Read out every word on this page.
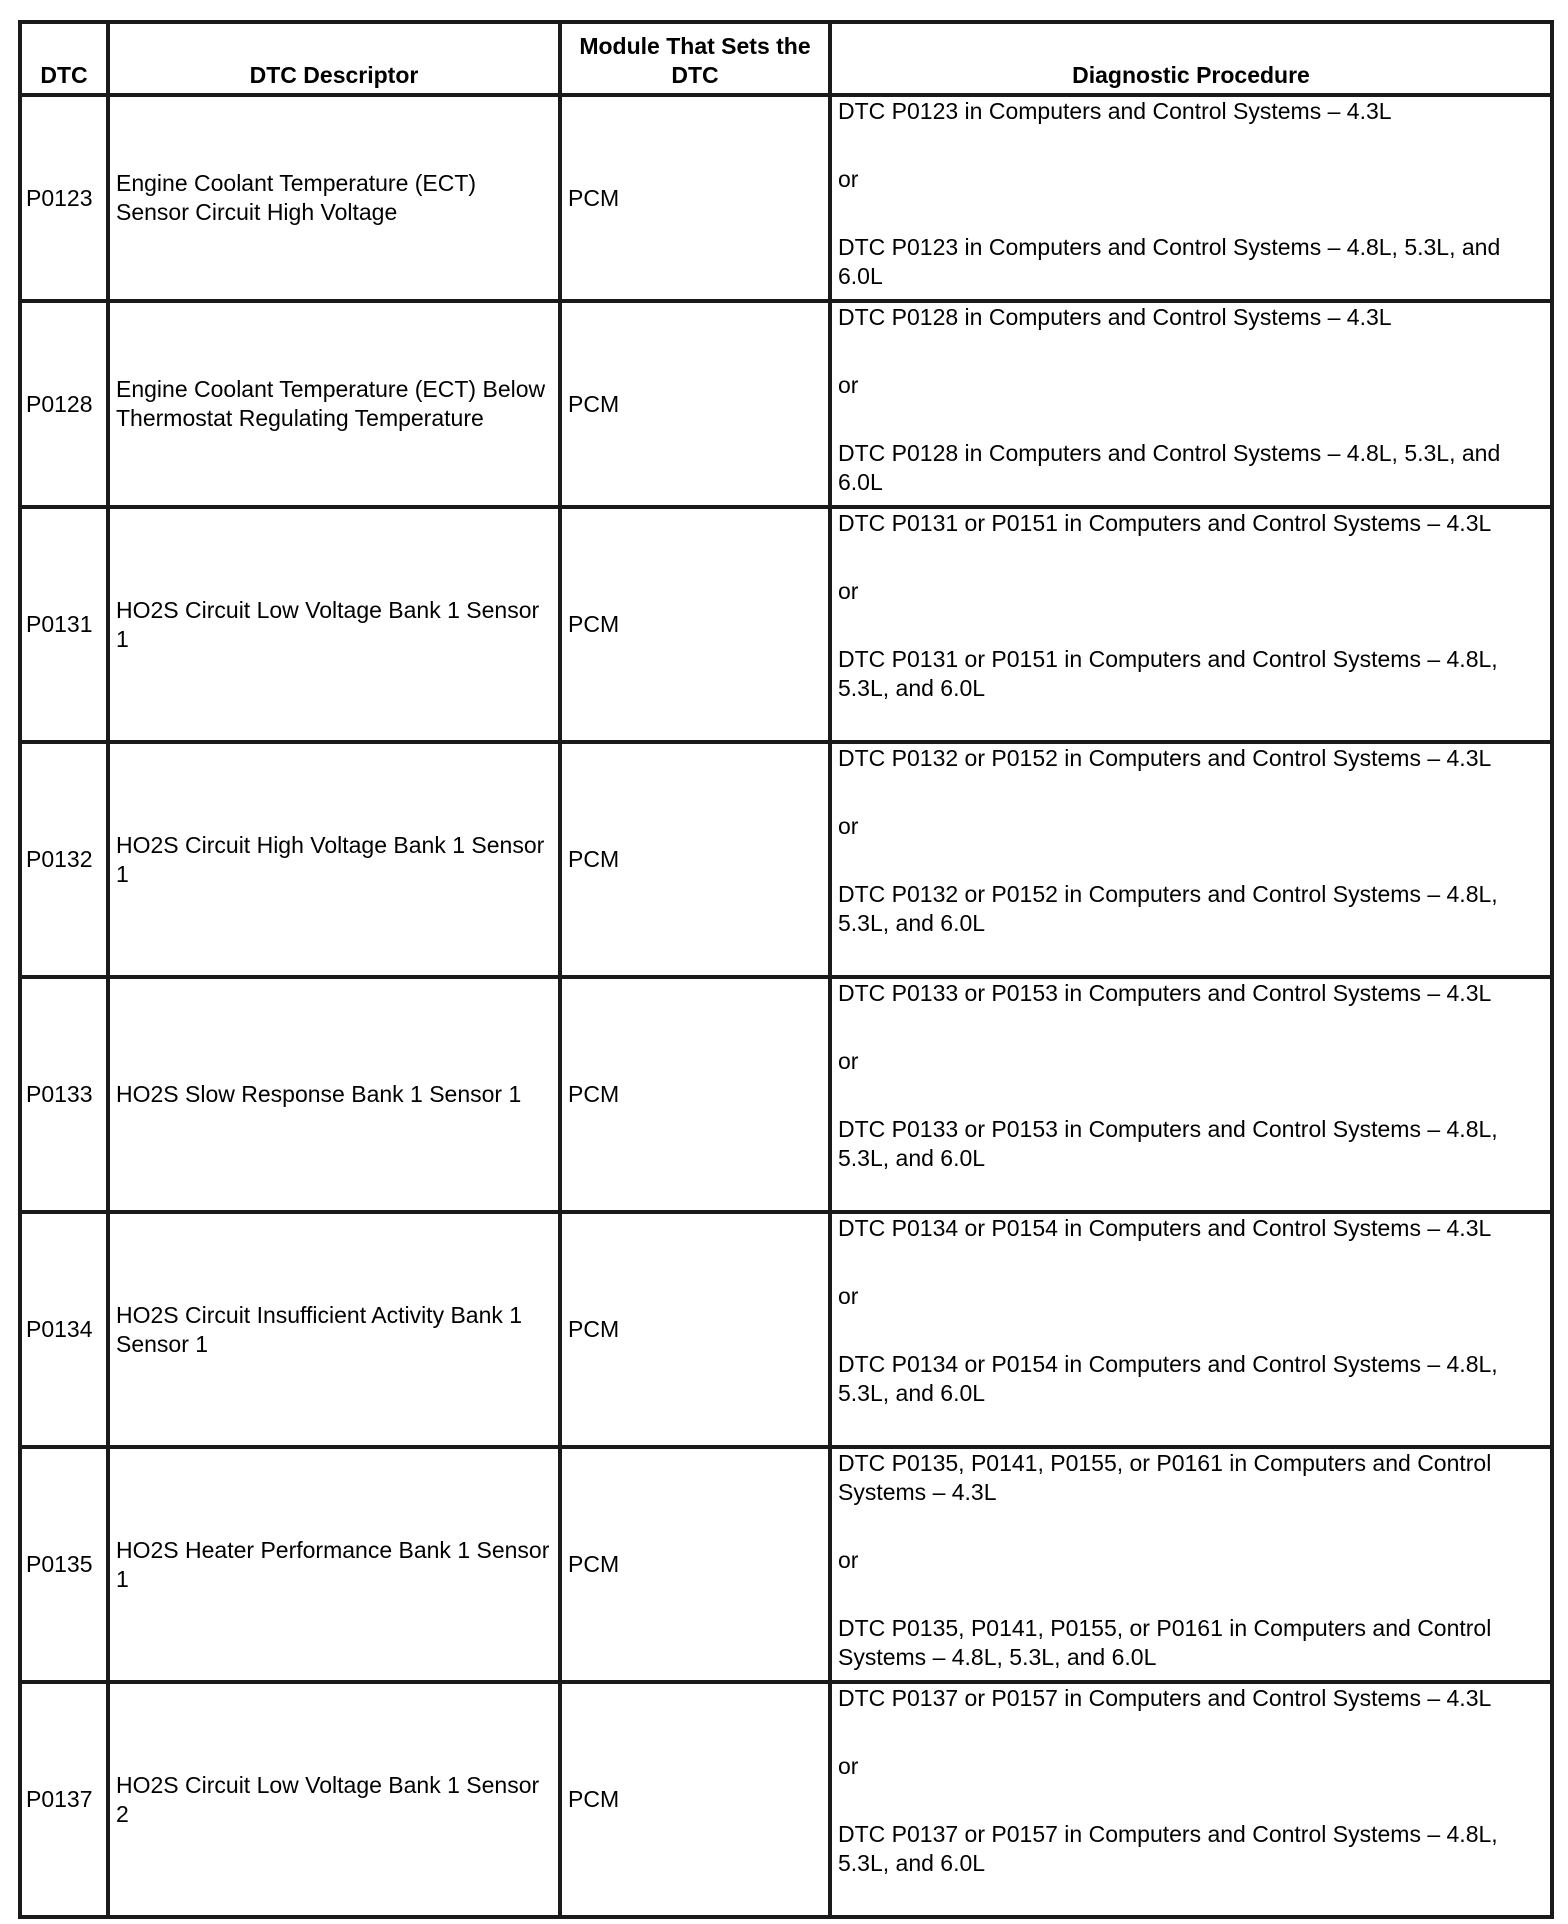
DTC	DTC Descriptor	Module That Sets the DTC	Diagnostic Procedure
P0123	Engine Coolant Temperature (ECT) Sensor Circuit High Voltage	PCM	DTC P0123 in Computers and Control Systems – 4.3L
or
DTC P0123 in Computers and Control Systems – 4.8L, 5.3L, and 6.0L

P0128	Engine Coolant Temperature (ECT) Below Thermostat Regulating Temperature	PCM	DTC P0128 in Computers and Control Systems – 4.3L
or
DTC P0128 in Computers and Control Systems – 4.8L, 5.3L, and 6.0L

P0131	HO2S Circuit Low Voltage Bank 1 Sensor 1	PCM	DTC P0131 or P0151 in Computers and Control Systems – 4.3L
or
DTC P0131 or P0151 in Computers and Control Systems – 4.8L, 5.3L, and 6.0L

P0132	HO2S Circuit High Voltage Bank 1 Sensor 1	PCM	DTC P0132 or P0152 in Computers and Control Systems – 4.3L
or
DTC P0132 or P0152 in Computers and Control Systems – 4.8L, 5.3L, and 6.0L

P0133	HO2S Slow Response Bank 1 Sensor 1	PCM	DTC P0133 or P0153 in Computers and Control Systems – 4.3L
or
DTC P0133 or P0153 in Computers and Control Systems – 4.8L, 5.3L, and 6.0L

P0134	HO2S Circuit Insufficient Activity Bank 1 Sensor 1	PCM	DTC P0134 or P0154 in Computers and Control Systems – 4.3L
or
DTC P0134 or P0154 in Computers and Control Systems – 4.8L, 5.3L, and 6.0L

P0135	HO2S Heater Performance Bank 1 Sensor 1	PCM	DTC P0135, P0141, P0155, or P0161 in Computers and Control Systems – 4.3L
or
DTC P0135, P0141, P0155, or P0161 in Computers and Control Systems – 4.8L, 5.3L, and 6.0L

P0137	HO2S Circuit Low Voltage Bank 1 Sensor 2	PCM	DTC P0137 or P0157 in Computers and Control Systems – 4.3L
or
DTC P0137 or P0157 in Computers and Control Systems – 4.8L, 5.3L, and 6.0L
